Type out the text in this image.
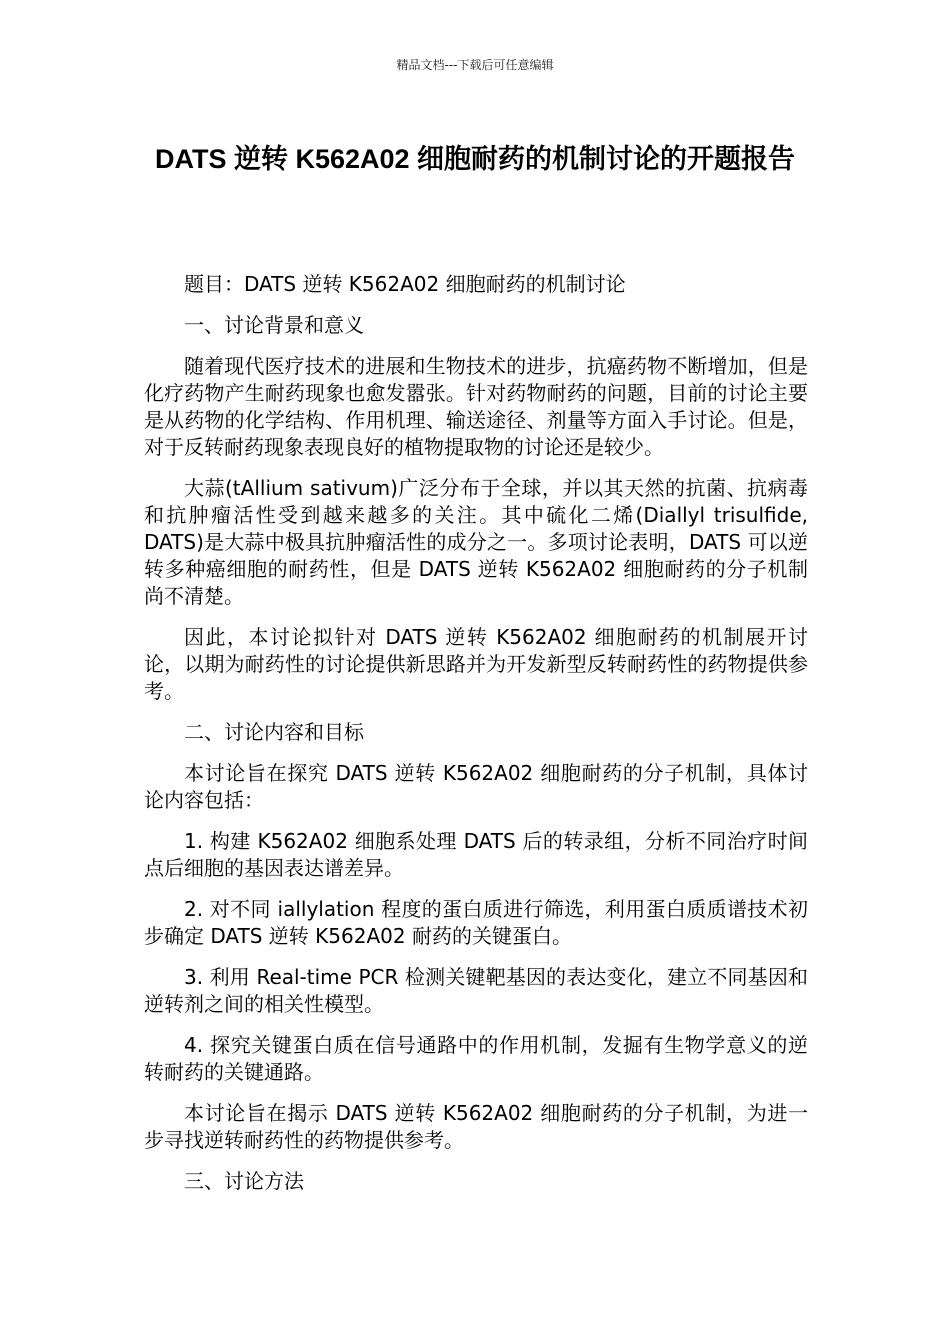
精品文档---下载后可任意编辑
DATS 逆转 K562A02 细胞耐药的机制讨论的开题报告

题目：DATS 逆转 K562A02 细胞耐药的机制讨论

一、讨论背景和意义

随着现代医疗技术的进展和生物技术的进步，抗癌药物不断增加，但是化疗药物产生耐药现象也愈发嚣张。针对药物耐药的问题，目前的讨论主要是从药物的化学结构、作用机理、输送途径、剂量等方面入手讨论。但是，对于反转耐药现象表现良好的植物提取物的讨论还是较少。

大蒜(tAllium sativum)广泛分布于全球，并以其天然的抗菌、抗病毒和抗肿瘤活性受到越来越多的关注。其中硫化二烯(Diallyl trisulfide, DATS)是大蒜中极具抗肿瘤活性的成分之一。多项讨论表明，DATS 可以逆转多种癌细胞的耐药性，但是 DATS 逆转 K562A02 细胞耐药的分子机制尚不清楚。

因此，本讨论拟针对 DATS 逆转 K562A02 细胞耐药的机制展开讨论，以期为耐药性的讨论提供新思路并为开发新型反转耐药性的药物提供参考。

二、讨论内容和目标

本讨论旨在探究 DATS 逆转 K562A02 细胞耐药的分子机制，具体讨论内容包括：

1. 构建 K562A02 细胞系处理 DATS 后的转录组，分析不同治疗时间点后细胞的基因表达谱差异。

2. 对不同 iallylation 程度的蛋白质进行筛选，利用蛋白质质谱技术初步确定 DATS 逆转 K562A02 耐药的关键蛋白。

3. 利用 Real-time PCR 检测关键靶基因的表达变化，建立不同基因和逆转剂之间的相关性模型。

4. 探究关键蛋白质在信号通路中的作用机制，发掘有生物学意义的逆转耐药的关键通路。

本讨论旨在揭示 DATS 逆转 K562A02 细胞耐药的分子机制，为进一步寻找逆转耐药性的药物提供参考。

三、讨论方法
